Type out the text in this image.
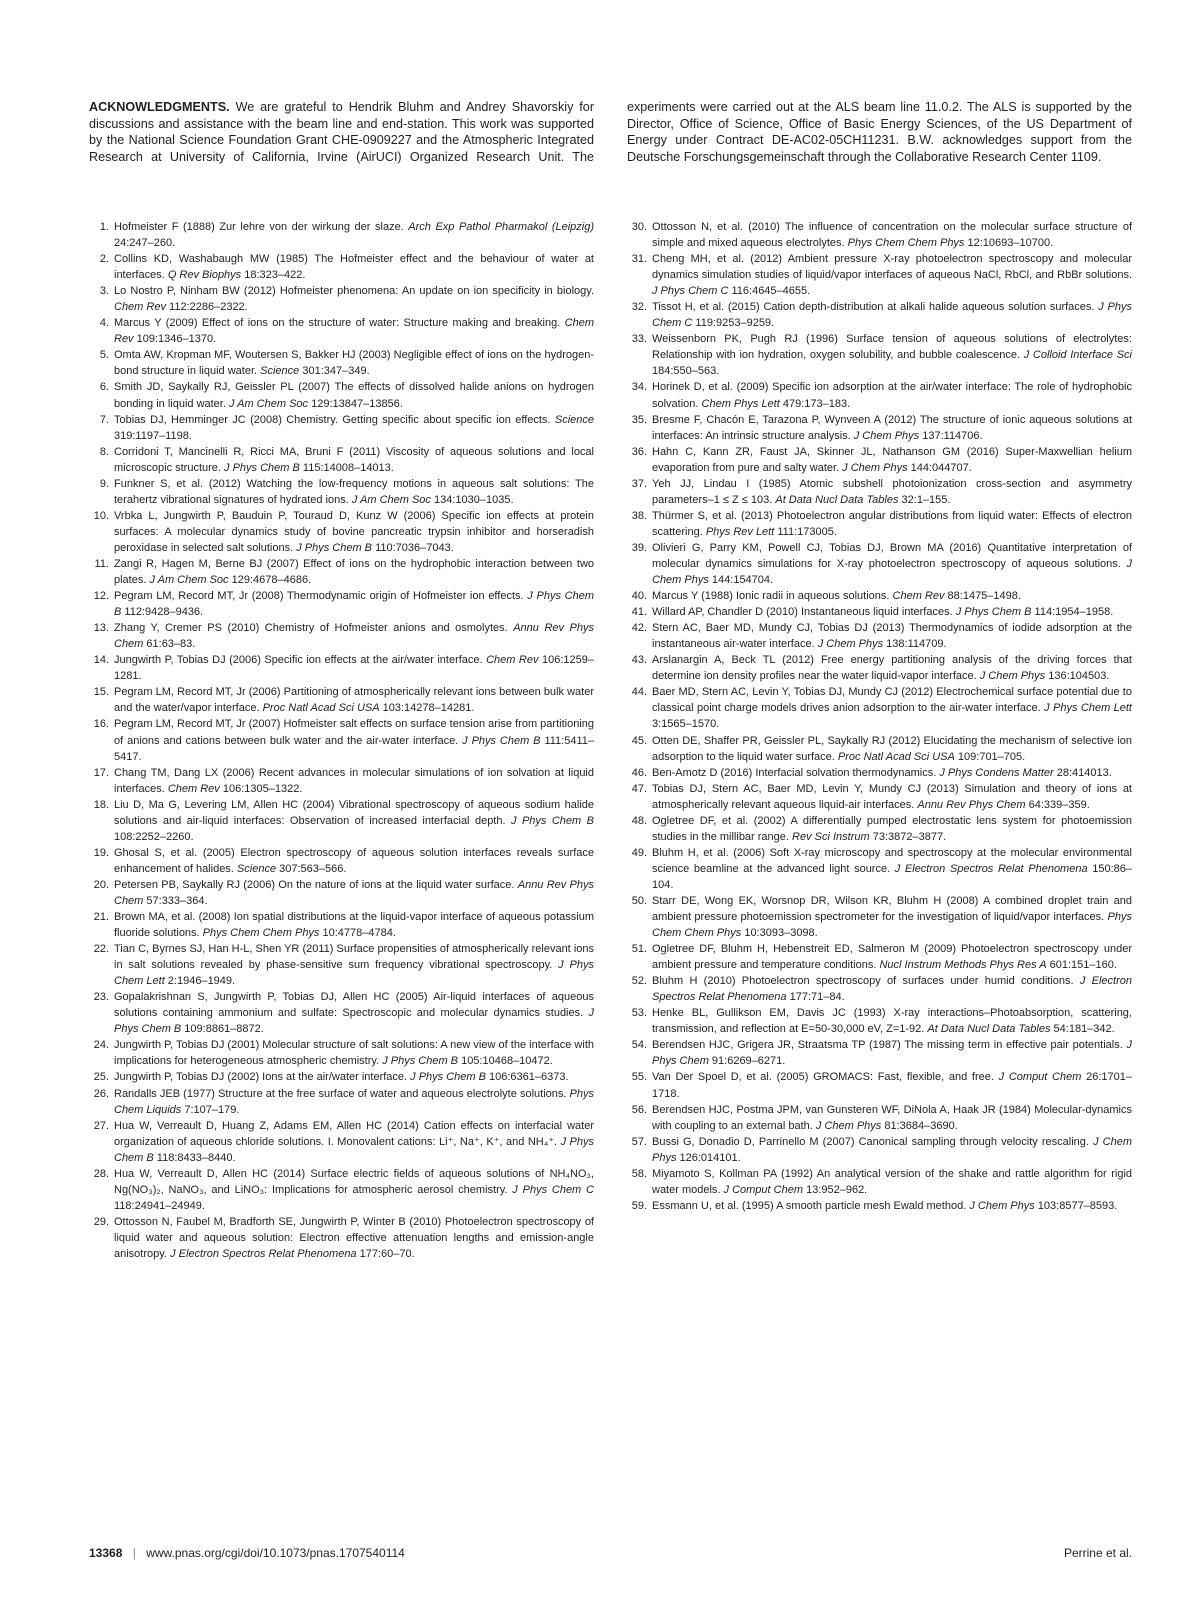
ACKNOWLEDGMENTS. We are grateful to Hendrik Bluhm and Andrey Shavorskiy for discussions and assistance with the beam line and end-station. This work was supported by the National Science Foundation Grant CHE-0909227 and the Atmospheric Integrated Research at University of California, Irvine (AirUCI) Organized Research Unit. The experiments were carried out at the ALS beam line 11.0.2. The ALS is supported by the Director, Office of Science, Office of Basic Energy Sciences, of the US Department of Energy under Contract DE-AC02-05CH11231. B.W. acknowledges support from the Deutsche Forschungsgemeinschaft through the Collaborative Research Center 1109.
1. Hofmeister F (1888) Zur lehre von der wirkung der slaze. Arch Exp Pathol Pharmakol (Leipzig) 24:247–260.
2. Collins KD, Washabaugh MW (1985) The Hofmeister effect and the behaviour of water at interfaces. Q Rev Biophys 18:323–422.
3. Lo Nostro P, Ninham BW (2012) Hofmeister phenomena: An update on ion specificity in biology. Chem Rev 112:2286–2322.
4. Marcus Y (2009) Effect of ions on the structure of water: Structure making and breaking. Chem Rev 109:1346–1370.
5. Omta AW, Kropman MF, Woutersen S, Bakker HJ (2003) Negligible effect of ions on the hydrogen-bond structure in liquid water. Science 301:347–349.
6. Smith JD, Saykally RJ, Geissler PL (2007) The effects of dissolved halide anions on hydrogen bonding in liquid water. J Am Chem Soc 129:13847–13856.
7. Tobias DJ, Hemminger JC (2008) Chemistry. Getting specific about specific ion effects. Science 319:1197–1198.
8. Corridoni T, Mancinelli R, Ricci MA, Bruni F (2011) Viscosity of aqueous solutions and local microscopic structure. J Phys Chem B 115:14008–14013.
9. Funkner S, et al. (2012) Watching the low-frequency motions in aqueous salt solutions: The terahertz vibrational signatures of hydrated ions. J Am Chem Soc 134:1030–1035.
10. Vrbka L, Jungwirth P, Bauduin P, Touraud D, Kunz W (2006) Specific ion effects at protein surfaces: A molecular dynamics study of bovine pancreatic trypsin inhibitor and horseradish peroxidase in selected salt solutions. J Phys Chem B 110:7036–7043.
11. Zangi R, Hagen M, Berne BJ (2007) Effect of ions on the hydrophobic interaction between two plates. J Am Chem Soc 129:4678–4686.
12. Pegram LM, Record MT, Jr (2008) Thermodynamic origin of Hofmeister ion effects. J Phys Chem B 112:9428–9436.
13. Zhang Y, Cremer PS (2010) Chemistry of Hofmeister anions and osmolytes. Annu Rev Phys Chem 61:63–83.
14. Jungwirth P, Tobias DJ (2006) Specific ion effects at the air/water interface. Chem Rev 106:1259–1281.
15. Pegram LM, Record MT, Jr (2006) Partitioning of atmospherically relevant ions between bulk water and the water/vapor interface. Proc Natl Acad Sci USA 103:14278–14281.
16. Pegram LM, Record MT, Jr (2007) Hofmeister salt effects on surface tension arise from partitioning of anions and cations between bulk water and the air-water interface. J Phys Chem B 111:5411–5417.
17. Chang TM, Dang LX (2006) Recent advances in molecular simulations of ion solvation at liquid interfaces. Chem Rev 106:1305–1322.
18. Liu D, Ma G, Levering LM, Allen HC (2004) Vibrational spectroscopy of aqueous sodium halide solutions and air-liquid interfaces: Observation of increased interfacial depth. J Phys Chem B 108:2252–2260.
19. Ghosal S, et al. (2005) Electron spectroscopy of aqueous solution interfaces reveals surface enhancement of halides. Science 307:563–566.
20. Petersen PB, Saykally RJ (2006) On the nature of ions at the liquid water surface. Annu Rev Phys Chem 57:333–364.
21. Brown MA, et al. (2008) Ion spatial distributions at the liquid-vapor interface of aqueous potassium fluoride solutions. Phys Chem Chem Phys 10:4778–4784.
22. Tian C, Byrnes SJ, Han H-L, Shen YR (2011) Surface propensities of atmospherically relevant ions in salt solutions revealed by phase-sensitive sum frequency vibrational spectroscopy. J Phys Chem Lett 2:1946–1949.
23. Gopalakrishnan S, Jungwirth P, Tobias DJ, Allen HC (2005) Air-liquid interfaces of aqueous solutions containing ammonium and sulfate: Spectroscopic and molecular dynamics studies. J Phys Chem B 109:8861–8872.
24. Jungwirth P, Tobias DJ (2001) Molecular structure of salt solutions: A new view of the interface with implications for heterogeneous atmospheric chemistry. J Phys Chem B 105:10468–10472.
25. Jungwirth P, Tobias DJ (2002) Ions at the air/water interface. J Phys Chem B 106:6361–6373.
26. Randalls JEB (1977) Structure at the free surface of water and aqueous electrolyte solutions. Phys Chem Liquids 7:107–179.
27. Hua W, Verreault D, Huang Z, Adams EM, Allen HC (2014) Cation effects on interfacial water organization of aqueous chloride solutions. I. Monovalent cations: Li⁺, Na⁺, K⁺, and NH₄⁺. J Phys Chem B 118:8433–8440.
28. Hua W, Verreault D, Allen HC (2014) Surface electric fields of aqueous solutions of NH₄NO₃, Ng(NO₃)₂, NaNO₃, and LiNO₃: Implications for atmospheric aerosol chemistry. J Phys Chem C 118:24941–24949.
29. Ottosson N, Faubel M, Bradforth SE, Jungwirth P, Winter B (2010) Photoelectron spectroscopy of liquid water and aqueous solution: Electron effective attenuation lengths and emission-angle anisotropy. J Electron Spectros Relat Phenomena 177:60–70.
30. Ottosson N, et al. (2010) The influence of concentration on the molecular surface structure of simple and mixed aqueous electrolytes. Phys Chem Chem Phys 12:10693–10700.
31. Cheng MH, et al. (2012) Ambient pressure X-ray photoelectron spectroscopy and molecular dynamics simulation studies of liquid/vapor interfaces of aqueous NaCl, RbCl, and RbBr solutions. J Phys Chem C 116:4645–4655.
32. Tissot H, et al. (2015) Cation depth-distribution at alkali halide aqueous solution surfaces. J Phys Chem C 119:9253–9259.
33. Weissenborn PK, Pugh RJ (1996) Surface tension of aqueous solutions of electrolytes: Relationship with ion hydration, oxygen solubility, and bubble coalescence. J Colloid Interface Sci 184:550–563.
34. Horinek D, et al. (2009) Specific ion adsorption at the air/water interface: The role of hydrophobic solvation. Chem Phys Lett 479:173–183.
35. Bresme F, Chacón E, Tarazona P, Wynveen A (2012) The structure of ionic aqueous solutions at interfaces: An intrinsic structure analysis. J Chem Phys 137:114706.
36. Hahn C, Kann ZR, Faust JA, Skinner JL, Nathanson GM (2016) Super-Maxwellian helium evaporation from pure and salty water. J Chem Phys 144:044707.
37. Yeh JJ, Lindau I (1985) Atomic subshell photoionization cross-section and asymmetry parameters–1 ≤ Z ≤ 103. At Data Nucl Data Tables 32:1–155.
38. Thürmer S, et al. (2013) Photoelectron angular distributions from liquid water: Effects of electron scattering. Phys Rev Lett 111:173005.
39. Olivieri G, Parry KM, Powell CJ, Tobias DJ, Brown MA (2016) Quantitative interpretation of molecular dynamics simulations for X-ray photoelectron spectroscopy of aqueous solutions. J Chem Phys 144:154704.
40. Marcus Y (1988) Ionic radii in aqueous solutions. Chem Rev 88:1475–1498.
41. Willard AP, Chandler D (2010) Instantaneous liquid interfaces. J Phys Chem B 114:1954–1958.
42. Stern AC, Baer MD, Mundy CJ, Tobias DJ (2013) Thermodynamics of iodide adsorption at the instantaneous air-water interface. J Chem Phys 138:114709.
43. Arslanargin A, Beck TL (2012) Free energy partitioning analysis of the driving forces that determine ion density profiles near the water liquid-vapor interface. J Chem Phys 136:104503.
44. Baer MD, Stern AC, Levin Y, Tobias DJ, Mundy CJ (2012) Electrochemical surface potential due to classical point charge models drives anion adsorption to the air-water interface. J Phys Chem Lett 3:1565–1570.
45. Otten DE, Shaffer PR, Geissler PL, Saykally RJ (2012) Elucidating the mechanism of selective ion adsorption to the liquid water surface. Proc Natl Acad Sci USA 109:701–705.
46. Ben-Amotz D (2016) Interfacial solvation thermodynamics. J Phys Condens Matter 28:414013.
47. Tobias DJ, Stern AC, Baer MD, Levin Y, Mundy CJ (2013) Simulation and theory of ions at atmospherically relevant aqueous liquid-air interfaces. Annu Rev Phys Chem 64:339–359.
48. Ogletree DF, et al. (2002) A differentially pumped electrostatic lens system for photoemission studies in the millibar range. Rev Sci Instrum 73:3872–3877.
49. Bluhm H, et al. (2006) Soft X-ray microscopy and spectroscopy at the molecular environmental science beamline at the advanced light source. J Electron Spectros Relat Phenomena 150:86–104.
50. Starr DE, Wong EK, Worsnop DR, Wilson KR, Bluhm H (2008) A combined droplet train and ambient pressure photoemission spectrometer for the investigation of liquid/vapor interfaces. Phys Chem Chem Phys 10:3093–3098.
51. Ogletree DF, Bluhm H, Hebenstreit ED, Salmeron M (2009) Photoelectron spectroscopy under ambient pressure and temperature conditions. Nucl Instrum Methods Phys Res A 601:151–160.
52. Bluhm H (2010) Photoelectron spectroscopy of surfaces under humid conditions. J Electron Spectros Relat Phenomena 177:71–84.
53. Henke BL, Gullikson EM, Davis JC (1993) X-ray interactions–Photoabsorption, scattering, transmission, and reflection at E=50-30,000 eV, Z=1-92. At Data Nucl Data Tables 54:181–342.
54. Berendsen HJC, Grigera JR, Straatsma TP (1987) The missing term in effective pair potentials. J Phys Chem 91:6269–6271.
55. Van Der Spoel D, et al. (2005) GROMACS: Fast, flexible, and free. J Comput Chem 26:1701–1718.
56. Berendsen HJC, Postma JPM, van Gunsteren WF, DiNola A, Haak JR (1984) Molecular-dynamics with coupling to an external bath. J Chem Phys 81:3684–3690.
57. Bussi G, Donadio D, Parrinello M (2007) Canonical sampling through velocity rescaling. J Chem Phys 126:014101.
58. Miyamoto S, Kollman PA (1992) An analytical version of the shake and rattle algorithm for rigid water models. J Comput Chem 13:952–962.
59. Essmann U, et al. (1995) A smooth particle mesh Ewald method. J Chem Phys 103:8577–8593.
13368 | www.pnas.org/cgi/doi/10.1073/pnas.1707540114	Perrine et al.
